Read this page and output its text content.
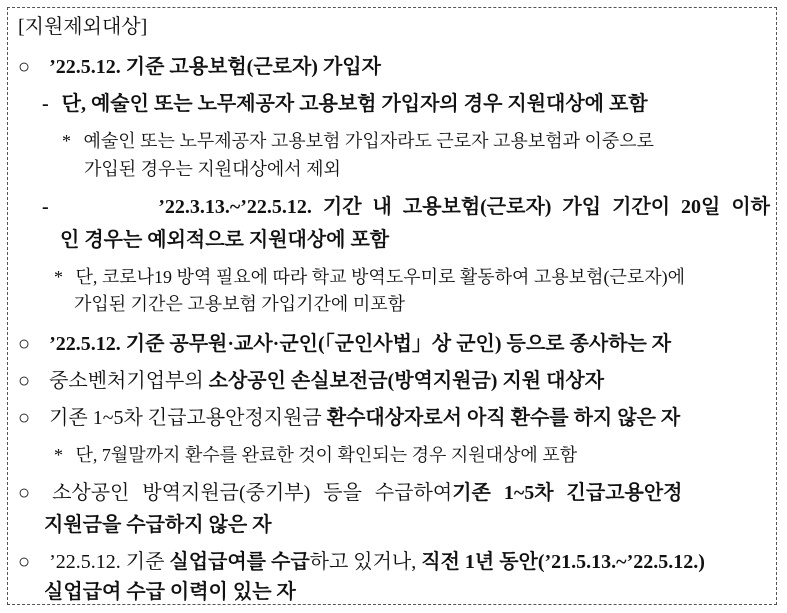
[지원제외대상]
○ ’22.5.12. 기준 고용보험(근로자) 가입자
- 단, 예술인 또는 노무제공자 고용보험 가입자의 경우 지원대상에 포함
* 예술인 또는 노무제공자 고용보험 가입자라도 근로자 고용보험과 이중으로
가입된 경우는 지원대상에서 제외
-	’22.3.13.~’22.5.12. 기간 내 고용보험(근로자) 가입 기간이 20일 이하
인 경우는 예외적으로 지원대상에 포함
* 단, 코로나19 방역 필요에 따라 학교 방역도우미로 활동하여 고용보험(근로자)에
가입된 기간은 고용보험 가입기간에 미포함
○ ’22.5.12. 기준 공무원·교사·군인(「군인사법」상 군인) 등으로 종사하는 자
○ 중소벤처기업부의 소상공인 손실보전금(방역지원금) 지원 대상자
○ 기존 1~5차 긴급고용안정지원금 환수대상자로서 아직 환수를 하지 않은 자
* 단, 7월말까지 환수를 완료한 것이 확인되는 경우 지원대상에 포함
○ 소상공인 방역지원금(중기부) 등을 수급하여 기존 1~5차 긴급고용안정
지원금을 수급하지 않은 자
○ ’22.5.12. 기준 실업급여를 수급하고 있거나, 직전 1년 동안(’21.5.13.~’22.5.12.)
실업급여 수급 이력이 있는 자
